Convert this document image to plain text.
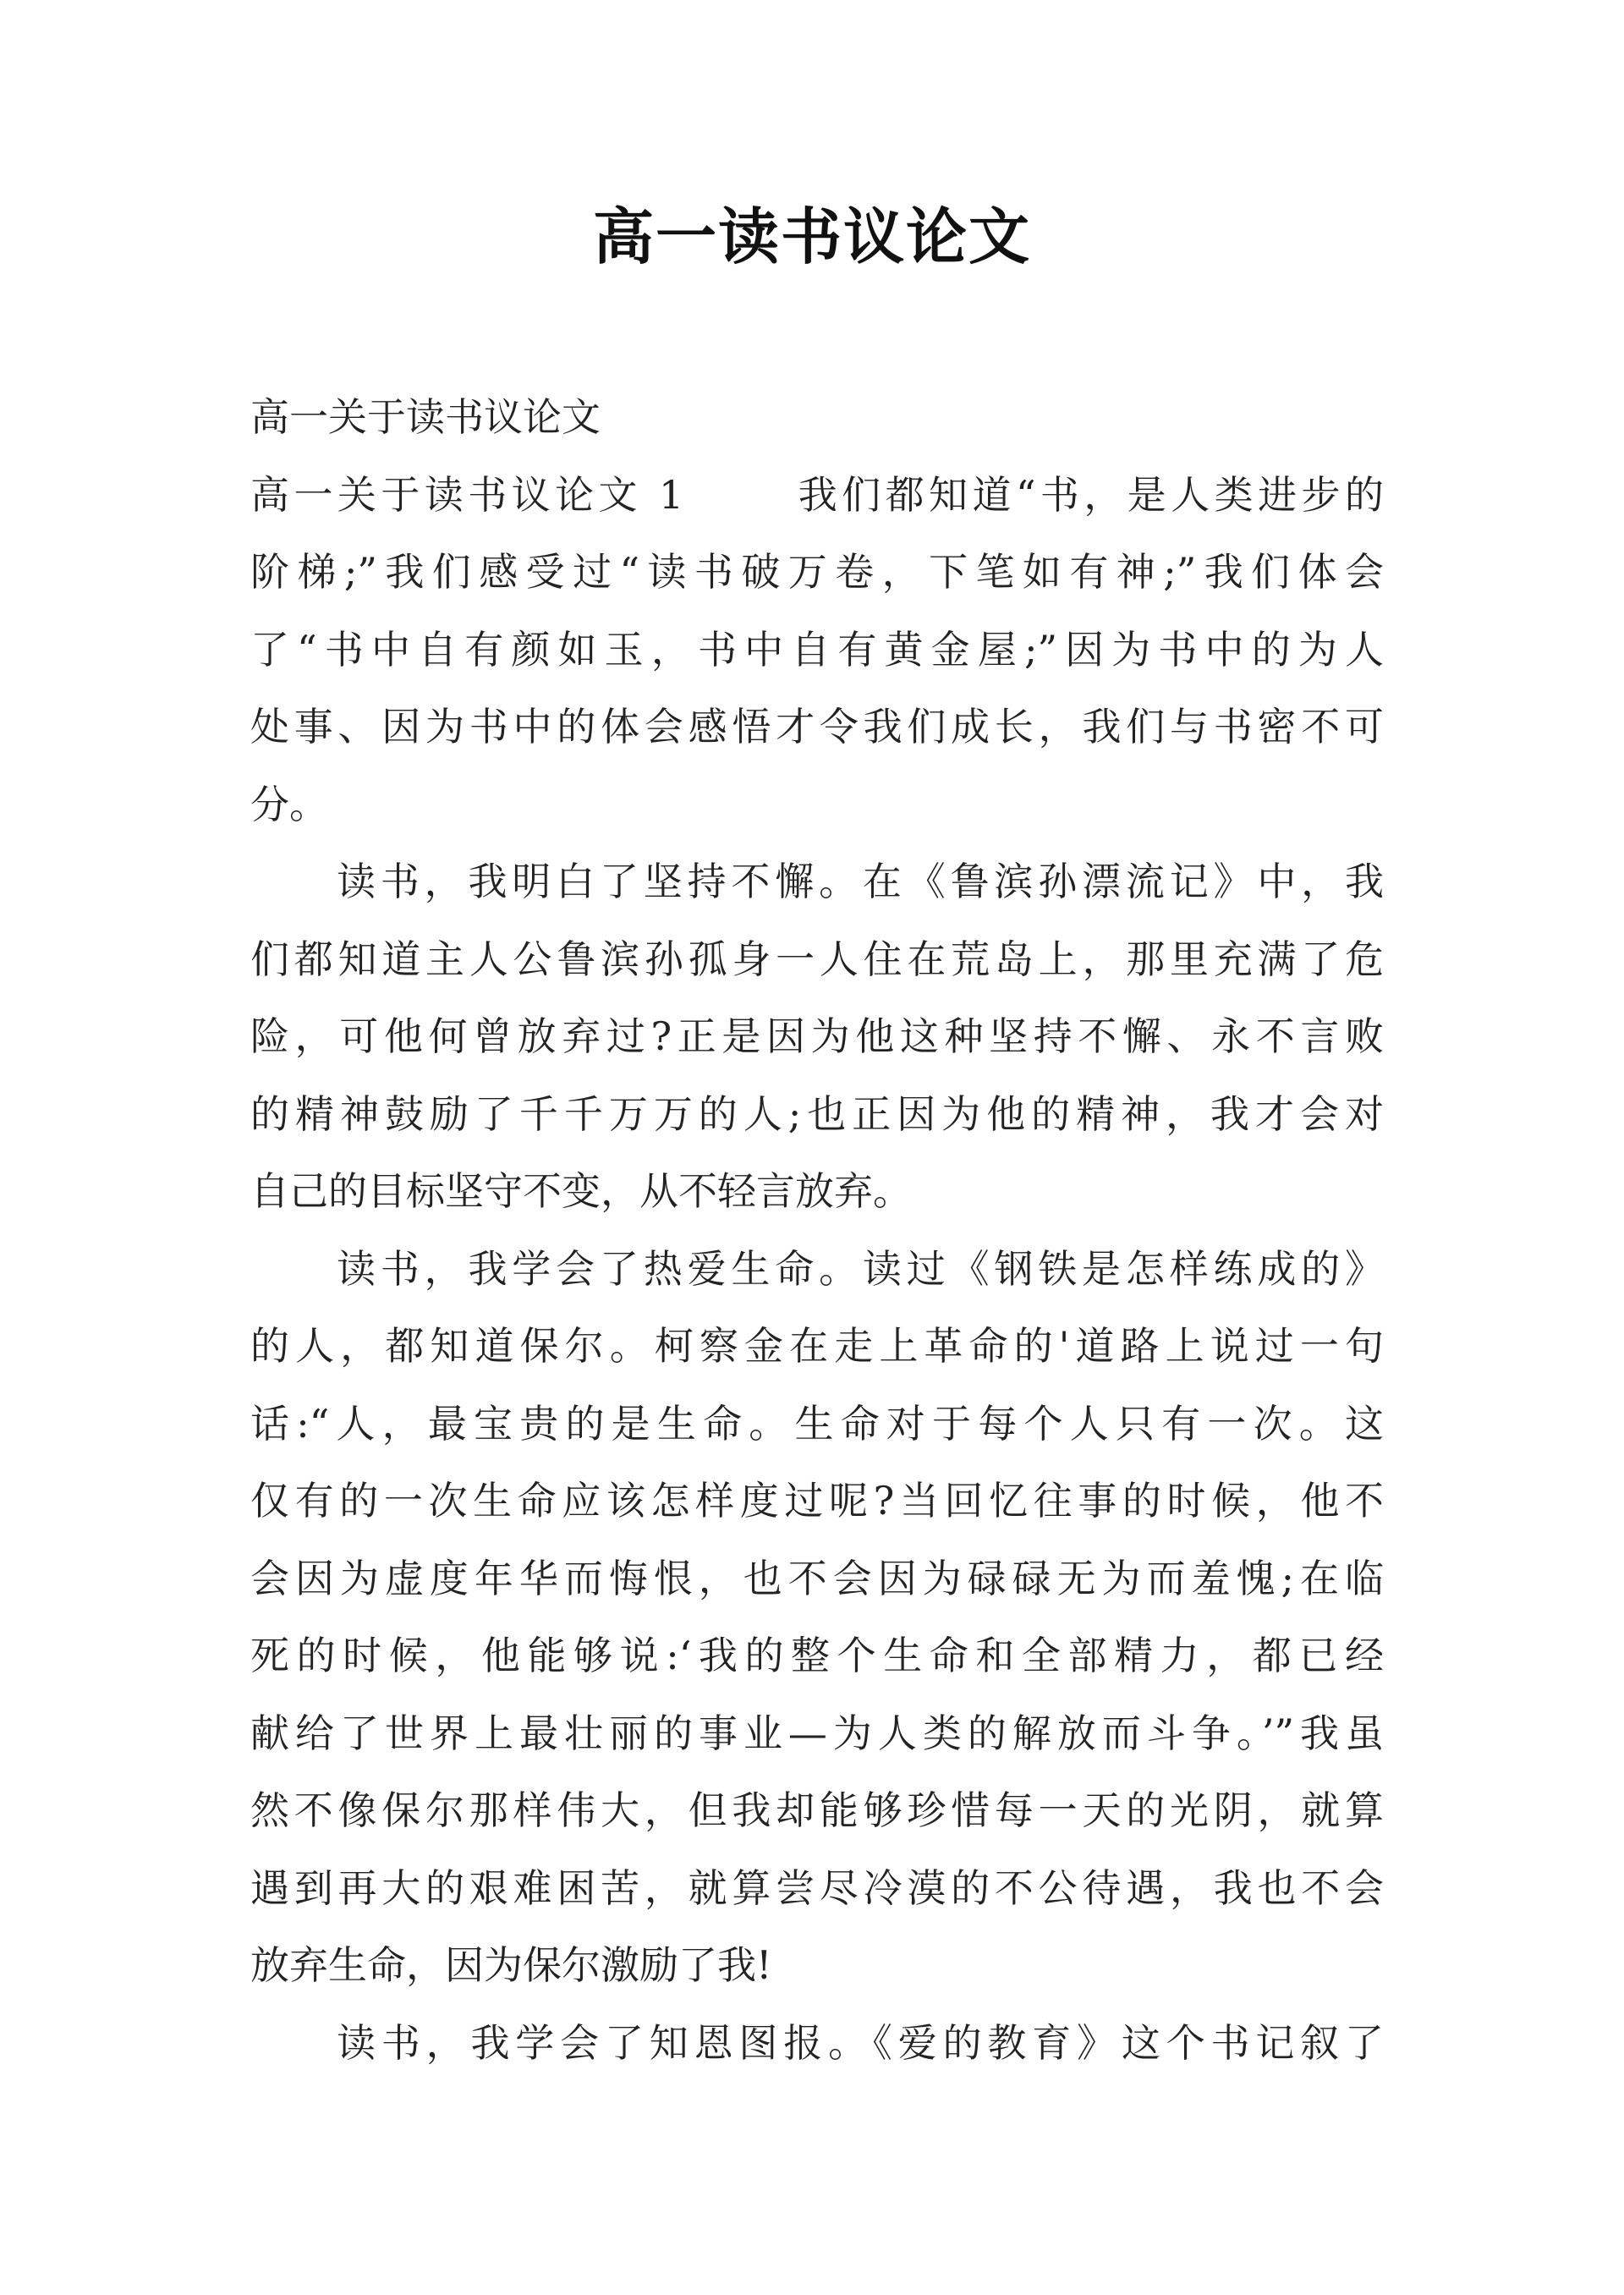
高一读书议论文
高一关于读书议论文
高一关于读书议论文 1	我们都知道“书，是人类进步的
阶梯;”我们感受过“读书破万卷，下笔如有神;”我们体会
了“书中自有颜如玉，书中自有黄金屋;”因为书中的为人
处事、因为书中的体会感悟才令我们成长，我们与书密不可
分。
读书，我明白了坚持不懈。在《鲁滨孙漂流记》中，我
们都知道主人公鲁滨孙孤身一人住在荒岛上，那里充满了危
险，可他何曾放弃过?正是因为他这种坚持不懈、永不言败
的精神鼓励了千千万万的人;也正因为他的精神，我才会对
自己的目标坚守不变，从不轻言放弃。
读书，我学会了热爱生命。读过《钢铁是怎样练成的》
的人，都知道保尔。柯察金在走上革命的'道路上说过一句
话:“人，最宝贵的是生命。生命对于每个人只有一次。这
仅有的一次生命应该怎样度过呢?当回忆往事的时候，他不
会因为虚度年华而悔恨，也不会因为碌碌无为而羞愧;在临
死的时候，他能够说:‘我的整个生命和全部精力，都已经
献给了世界上最壮丽的事业—为人类的解放而斗争。’”我虽
然不像保尔那样伟大，但我却能够珍惜每一天的光阴，就算
遇到再大的艰难困苦，就算尝尽冷漠的不公待遇，我也不会
放弃生命，因为保尔激励了我!
读书，我学会了知恩图报。《爱的教育》这个书记叙了
